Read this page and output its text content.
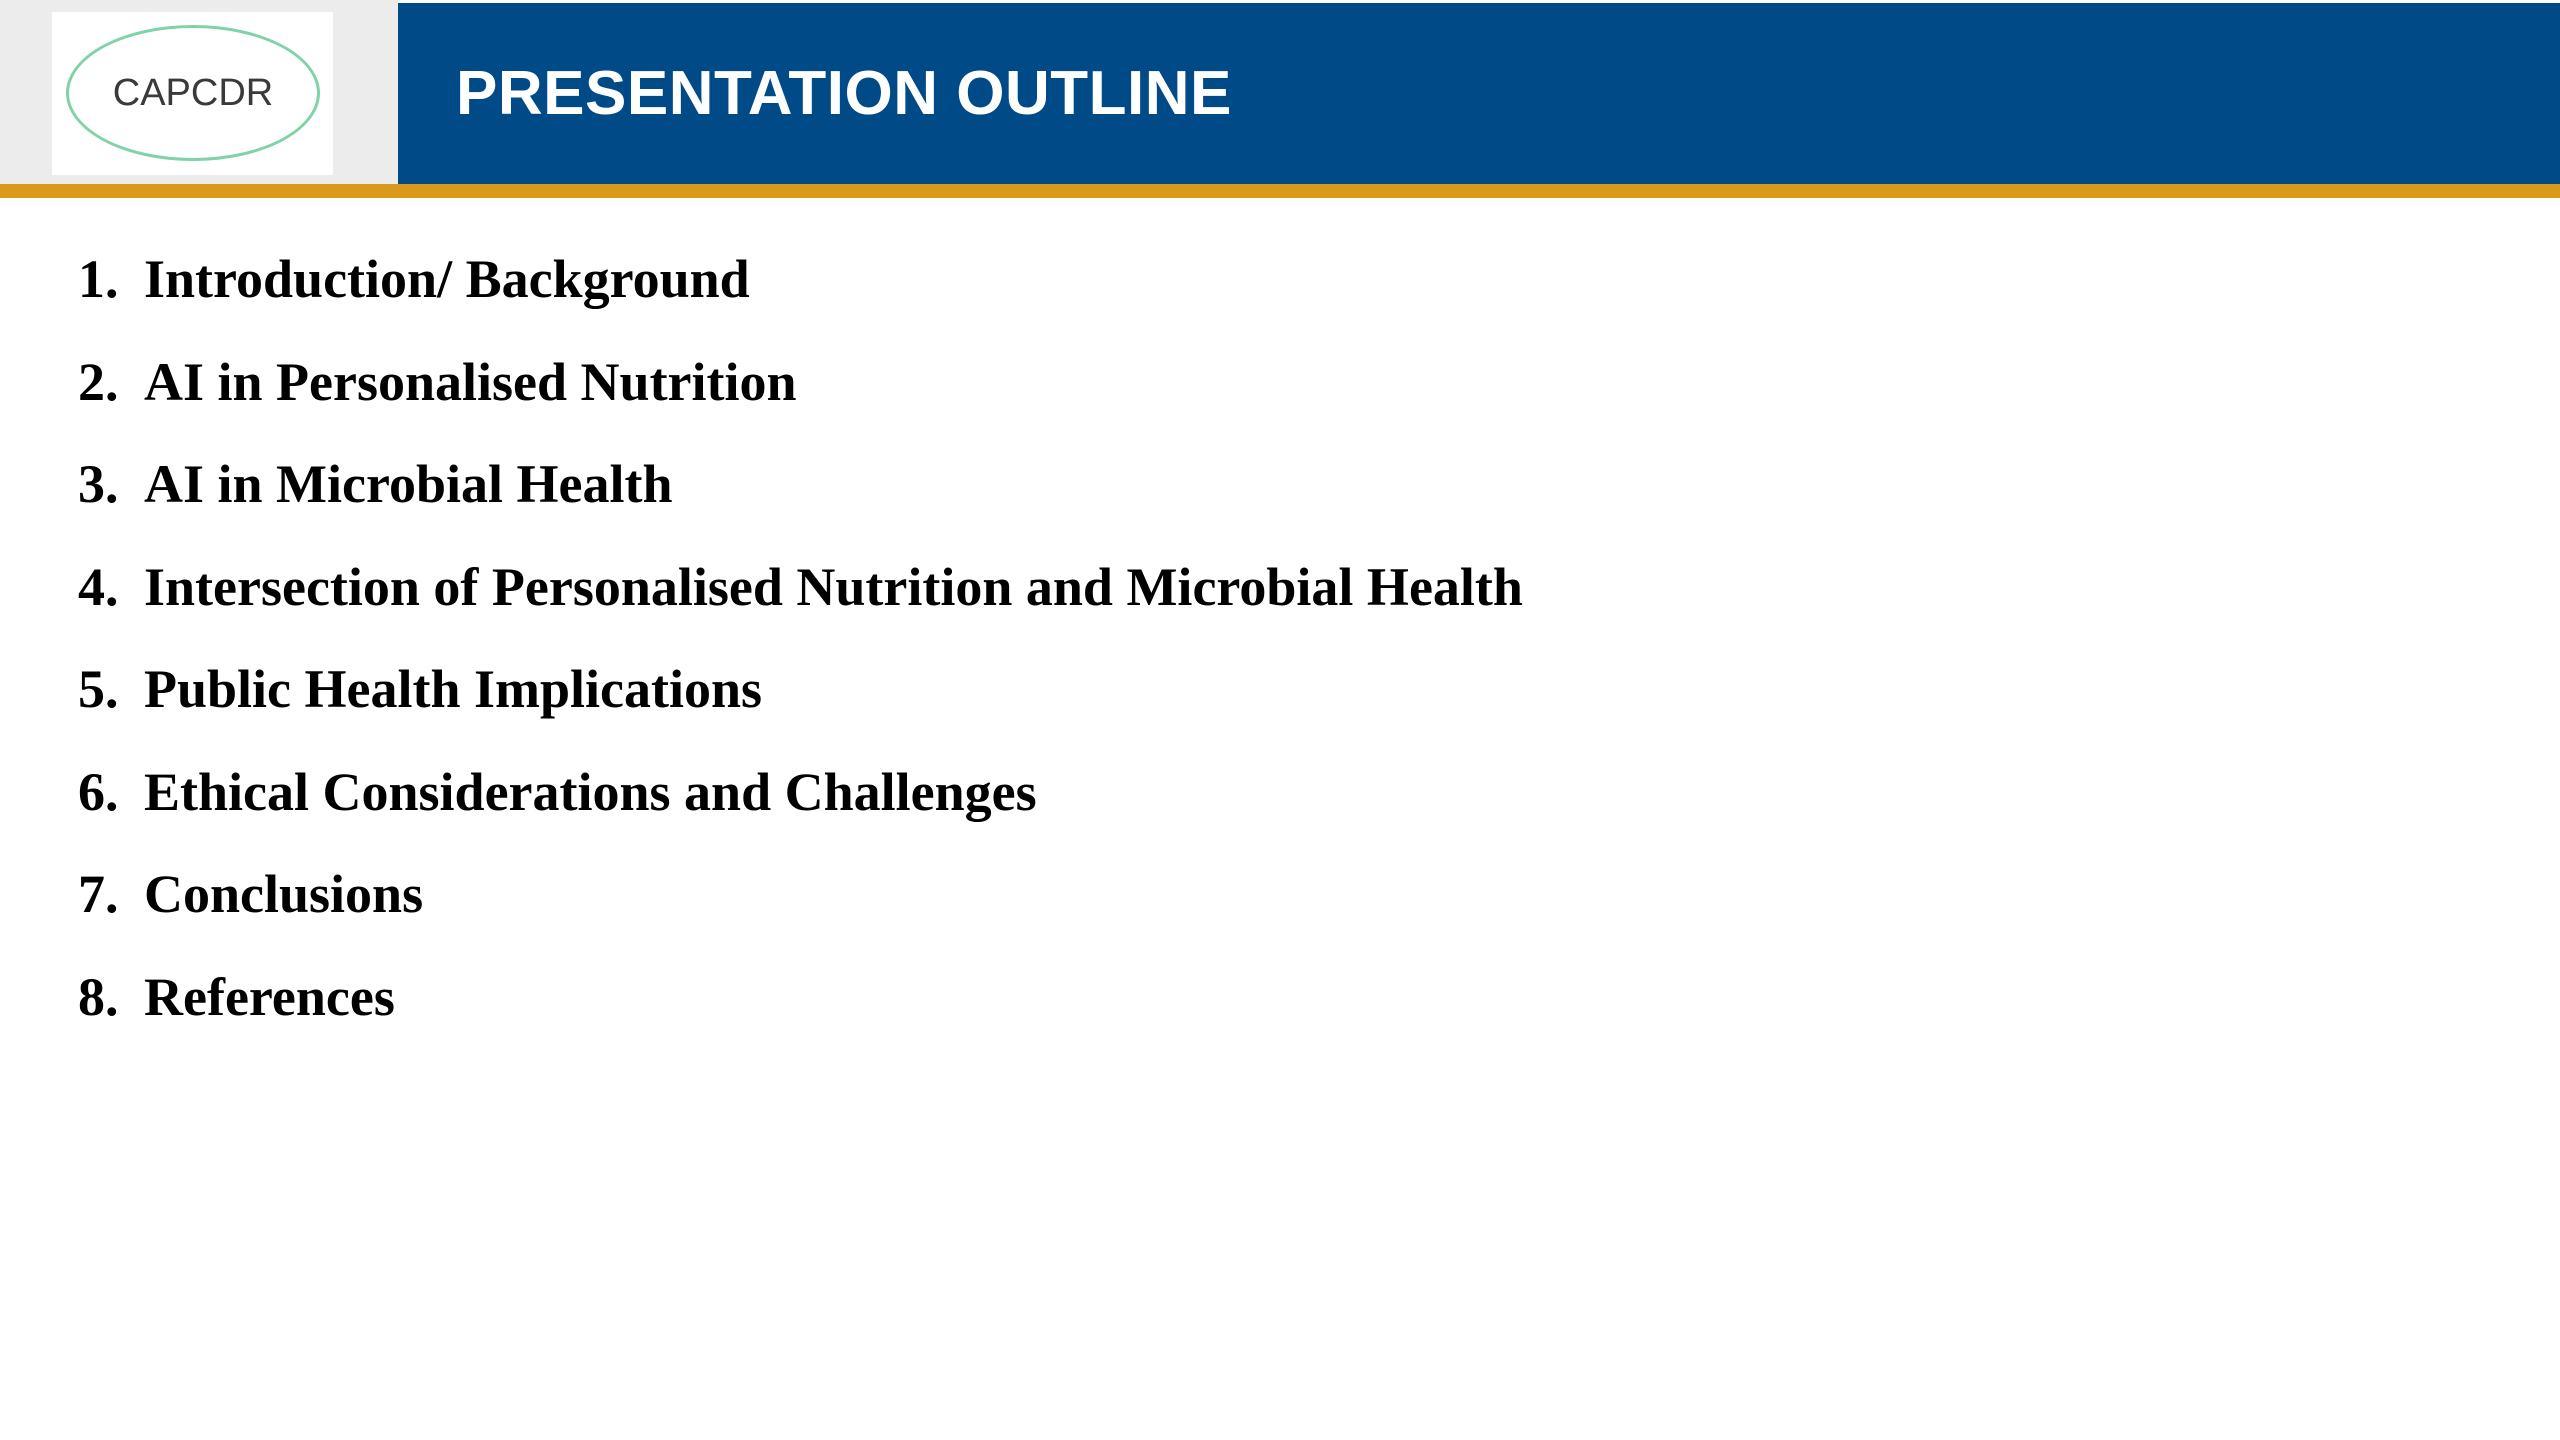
CAPCDR	PRESENTATION OUTLINE
1. Introduction/ Background
2. AI in Personalised Nutrition
3. AI in Microbial Health
4. Intersection of Personalised Nutrition and Microbial Health
5. Public Health Implications
6. Ethical Considerations and Challenges
7. Conclusions
8. References
